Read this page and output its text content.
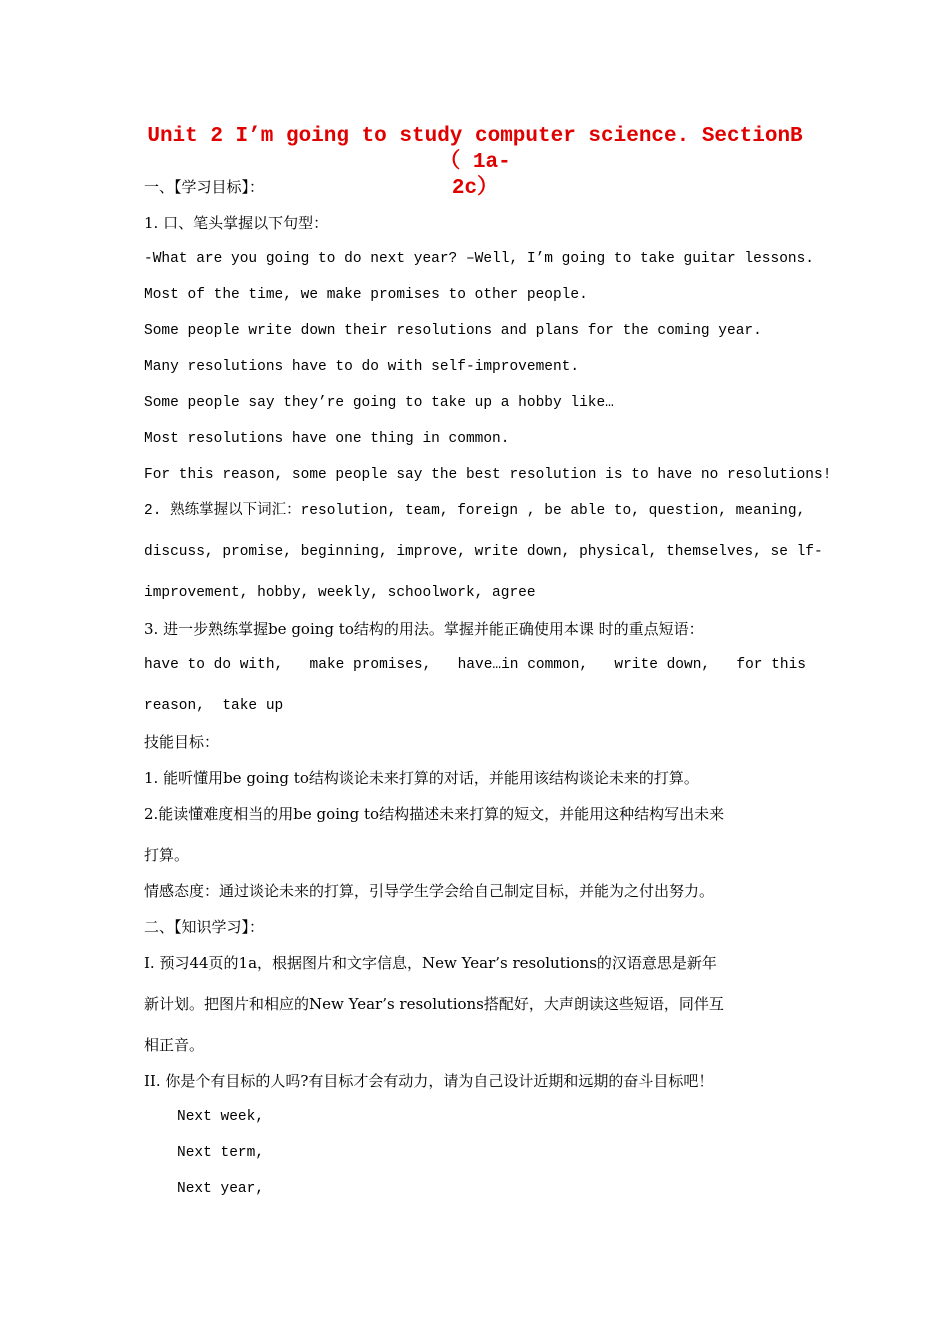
Unit 2 I’m going to study computer science. SectionB（ 1a-
2c）
一、【学习目标】：
1. 口、笔头掌握以下句型：
-What are you going to do next year? –Well, I’m going to take guitar lessons.
Most of the time, we make promises to other people.
Some people write down their resolutions and plans for the coming year.
Many resolutions have to do with self-improvement.
Some people say they’re going to take up a hobby like…
Most resolutions have one thing in common.
For this reason, some people say the best resolution is to have no resolutions!
2. 熟练掌握以下词汇：resolution, team, foreign , be able to, question, meaning,
discuss, promise, beginning, improve, write down, physical, themselves, se lf-
improvement, hobby, weekly, schoolwork, agree
3. 进一步熟练掌握be going to结构的用法。掌握并能正确使用本课 时的重点短语：
have to do with, make promises, have…in common, write down, for this
reason,  take up
技能目标：
1. 能听懂用be going to结构谈论未来打算的对话，并能用该结构谈论未来的打算。
2.能读懂难度相当的用be going to结构描述未来打算的短文，并能用这种结构写出未来
打算。
情感态度：通过谈论未来的打算，引导学生学会给自己制定目标，并能为之付出努力。
二、【知识学习】：
I. 预习44页的1a，根据图片和文字信息，New Year’s resolutions的汉语意思是新年
新计划。把图片和相应的New Year’s resolutions搭配好，大声朗读这些短语，同伴互
相正音。
II. 你是个有目标的人吗?有目标才会有动力，请为自己设计近期和远期的奋斗目标吧！
Next week,
Next term,
Next year,
